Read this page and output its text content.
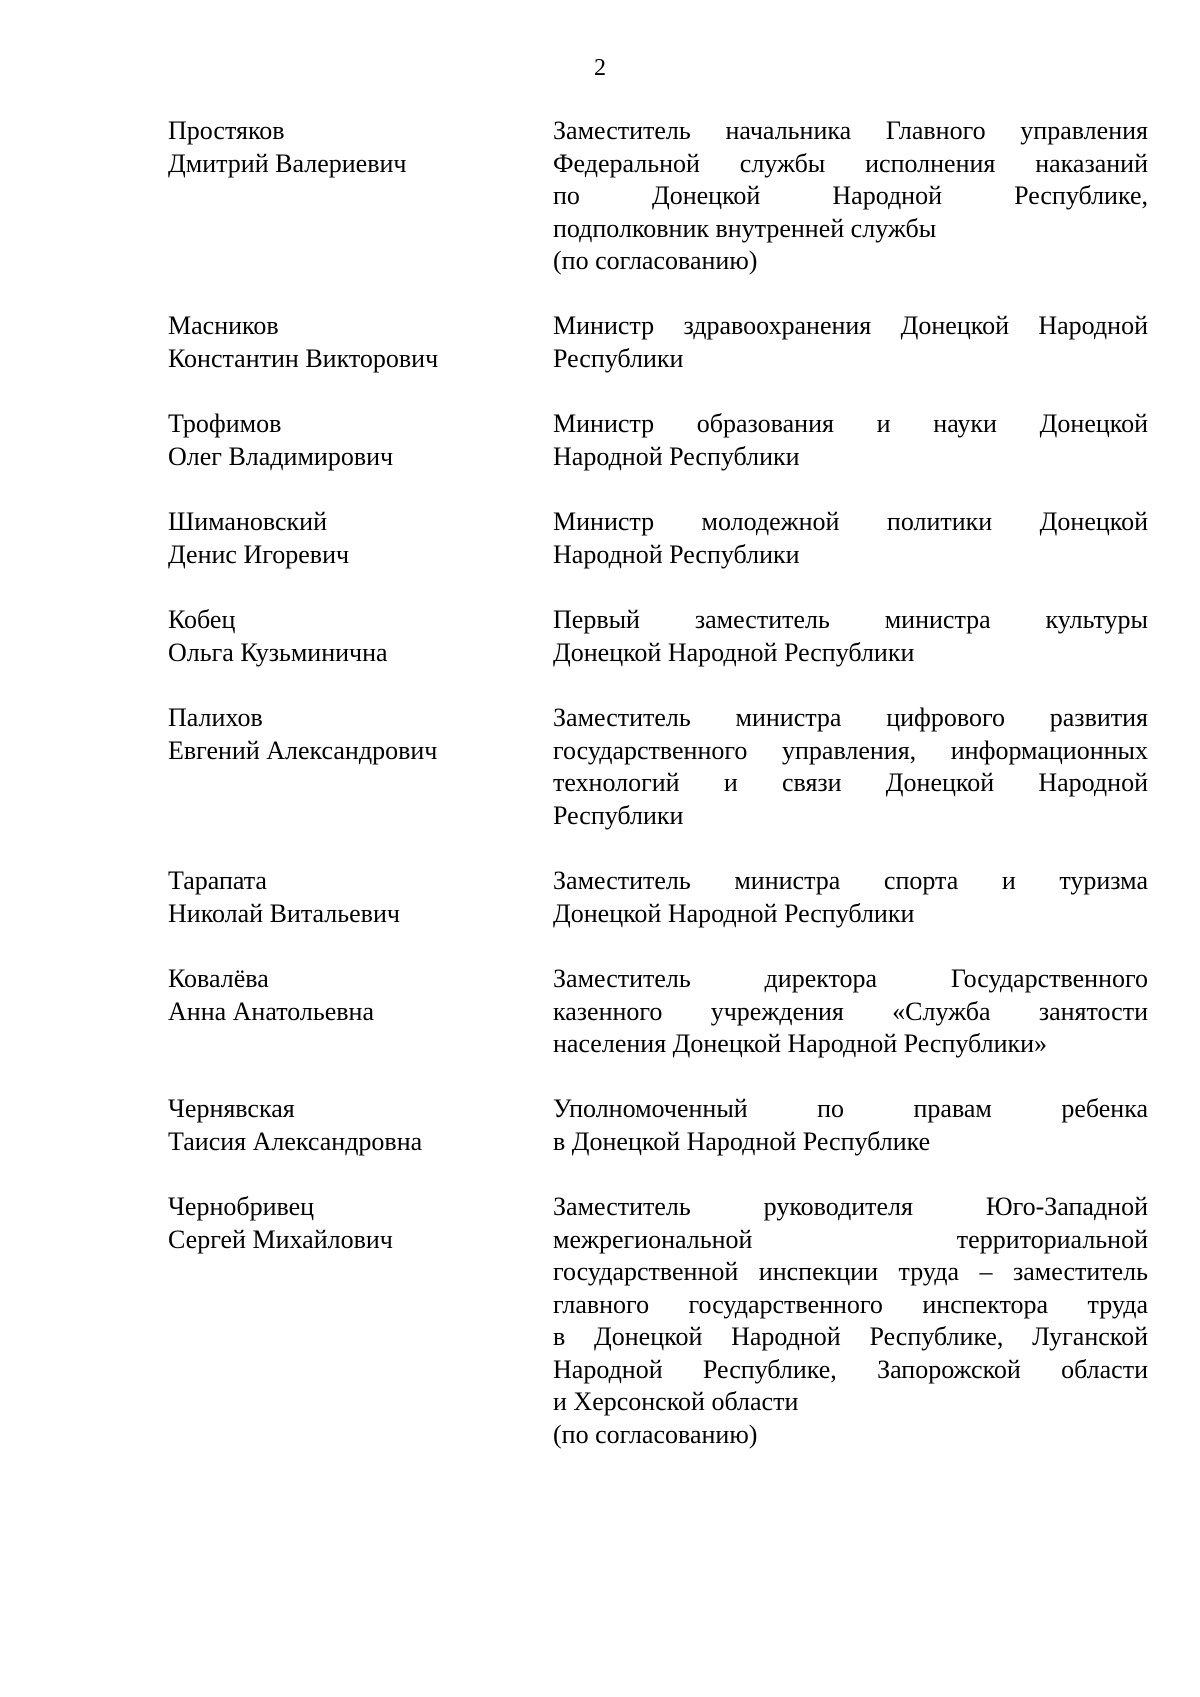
2
Простяков
Дмитрий Валериевич
Заместитель начальника Главного управления
Федеральной службы исполнения наказаний
по Донецкой Народной Республике,
подполковник внутренней службы
(по согласованию)
Масников
Константин Викторович
Министр здравоохранения Донецкой Народной
Республики
Трофимов
Олег Владимирович
Министр образования и науки Донецкой
Народной Республики
Шимановский
Денис Игоревич
Министр молодежной политики Донецкой
Народной Республики
Кобец
Ольга Кузьминична
Первый заместитель министра культуры
Донецкой Народной Республики
Палихов
Евгений Александрович
Заместитель министра цифрового развития
государственного управления, информационных
технологий и связи Донецкой Народной
Республики
Тарапата
Николай Витальевич
Заместитель министра спорта и туризма
Донецкой Народной Республики
Ковалёва
Анна Анатольевна
Заместитель директора Государственного
казенного учреждения «Служба занятости
населения Донецкой Народной Республики»
Чернявская
Таисия Александровна
Уполномоченный по правам ребенка
в Донецкой Народной Республике
Чернобривец
Сергей Михайлович
Заместитель руководителя Юго-Западной
межрегиональной территориальной
государственной инспекции труда – заместитель
главного государственного инспектора труда
в Донецкой Народной Республике, Луганской
Народной Республике, Запорожской области
и Херсонской области
(по согласованию)
